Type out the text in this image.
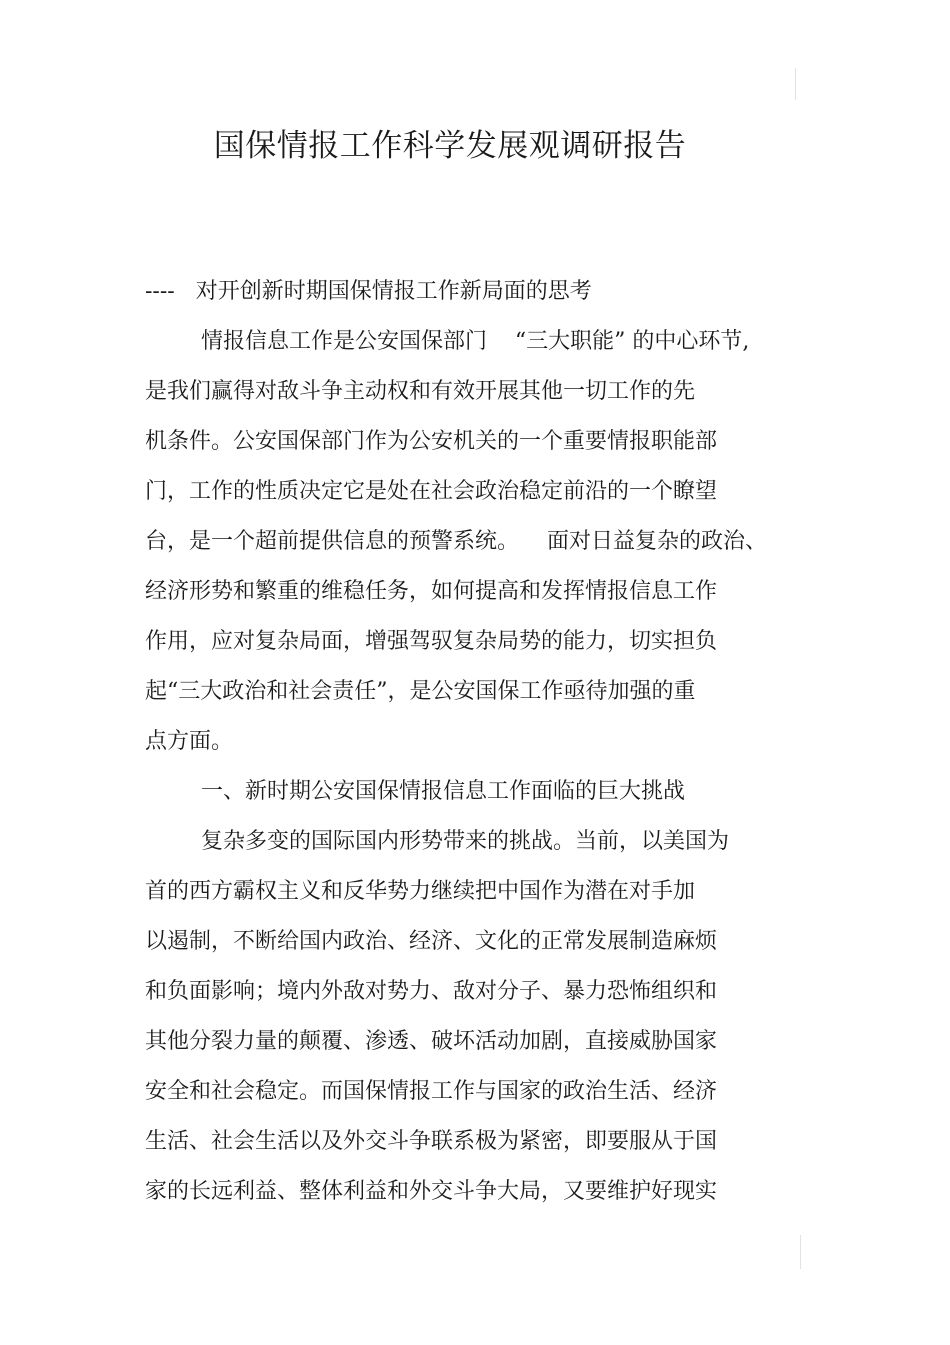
国保情报工作科学发展观调研报告
----   对开创新时期国保情报工作新局面的思考
情报信息工作是公安国保部门    “三大职能” 的中心环节,
是我们赢得对敌斗争主动权和有效开展其他一切工作的先
机条件。公安国保部门作为公安机关的一个重要情报职能部
门，工作的性质决定它是处在社会政治稳定前沿的一个瞭望
台，是一个超前提供信息的预警系统。    面对日益复杂的政治、
经济形势和繁重的维稳任务，如何提高和发挥情报信息工作
作用，应对复杂局面，增强驾驭复杂局势的能力，切实担负
起“三大政治和社会责任”，是公安国保工作亟待加强的重
点方面。
一、新时期公安国保情报信息工作面临的巨大挑战
复杂多变的国际国内形势带来的挑战。当前，以美国为
首的西方霸权主义和反华势力继续把中国作为潜在对手加
以遏制，不断给国内政治、经济、文化的正常发展制造麻烦
和负面影响；境内外敌对势力、敌对分子、暴力恐怖组织和
其他分裂力量的颠覆、渗透、破坏活动加剧，直接威胁国家
安全和社会稳定。而国保情报工作与国家的政治生活、经济
生活、社会生活以及外交斗争联系极为紧密，即要服从于国
家的长远利益、整体利益和外交斗争大局，又要维护好现实
